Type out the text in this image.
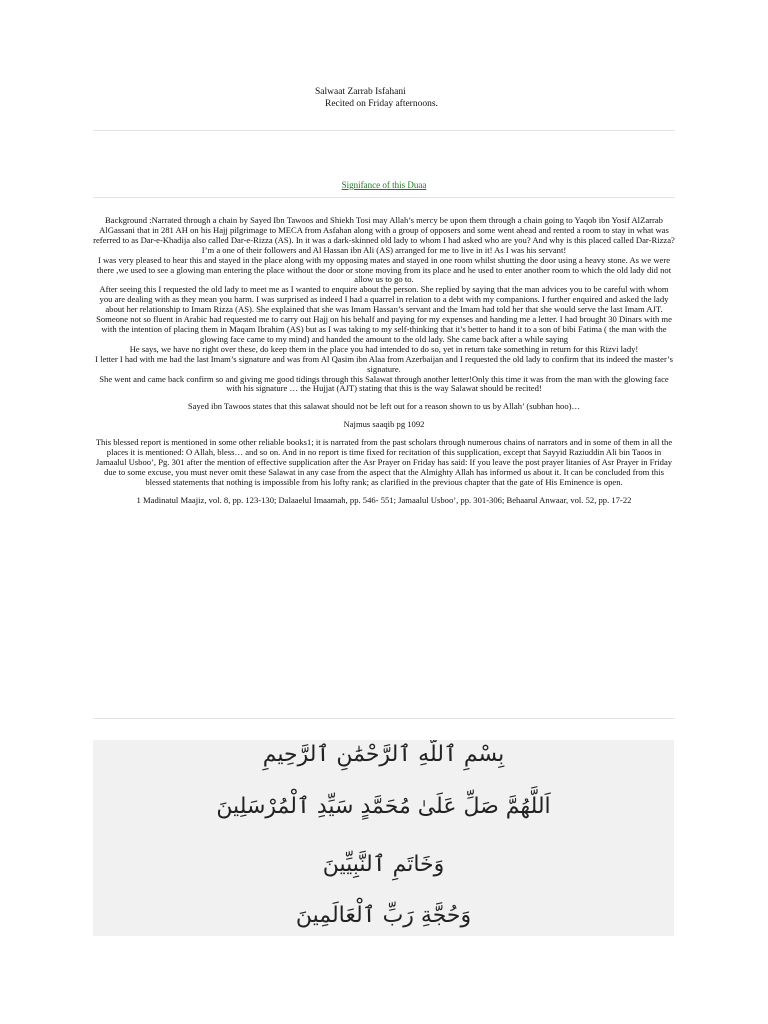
Salwaat Zarrab Isfahani
Recited on Friday afternoons.
Signifance of this Duaa

Background :Narrated through a chain by Sayed Ibn Tawoos and Shiekh Tosi may Allah’s mercy be upon them through a chain going to Yaqob ibn Yosif AlZarrab AlGassani that in 281 AH on his Hajj pilgrimage to MECA from Asfahan along with a group of opposers and some went ahead and rented a room to stay in what was referred to as Dar-e-Khadija also called Dar-e-Rizza (AS). In it was a dark-skinned old lady to whom I had asked who are you? And why is this placed called Dar-Rizza?

I’m a one of their followers and Al Hassan ibn Ali (AS) arranged for me to live in it! As I was his servant!

I was very pleased to hear this and stayed in the place along with my opposing mates and stayed in one room whilst shutting the door using a heavy stone. As we were there ,we used to see a glowing man entering the place without the door or stone moving from its place and he used to enter another room to which the old lady did not allow us to go to.

After seeing this I requested the old lady to meet me as I wanted to enquire about the person. She replied by saying that the man advices you to be careful with whom you are dealing with as they mean you harm. I was surprised as indeed I had a quarrel in relation to a debt with my companions. I further enquired and asked the lady about her relationship to Imam Rizza (AS). She explained that she was Imam Hassan’s servant and the Imam had told her that she would serve the last Imam AJT.

Someone not so fluent in Arabic had requested me to carry out Hajj on his behalf and paying for my expenses and handing me a letter. I had brought 30 Dinars with me with the intention of placing them in Maqam Ibrahim (AS) but as I was taking to my self-thinking that it’s better to hand it to a son of bibi Fatima ( the man with the glowing face came to my mind) and handed the amount to the old lady. She came back after a while saying

He says, we have no right over these, do keep them in the place you had intended to do so, yet in return take something in return for this Rizvi lady!

I letter I had with me had the last Imam’s signature and was from Al Qasim ibn Alaa from Azerbaijan and I requested the old lady to confirm that its indeed the master’s signature.

She went and came back confirm so and giving me good tidings through this Salawat through another letter!Only this time it was from the man with the glowing face with his signature … the Hujjat (AJT) stating that this is the way Salawat should be recited!

Sayed ibn Tawoos states that this salawat should not be left out for a reason shown to us by Allah’ (subhan hoo)…

Najmus saaqib pg 1092

This blessed report is mentioned in some other reliable books1; it is narrated from the past scholars through numerous chains of narrators and in some of them in all the places it is mentioned: O Allah, bless… and so on. And in no report is time fixed for recitation of this supplication, except that Sayyid Raziuddin Ali bin Taoos in Jamaalul Usboo’, Pg. 301 after the mention of effective supplication after the Asr Prayer on Friday has said: If you leave the post prayer litanies of Asr Prayer in Friday due to some excuse, you must never omit these Salawat in any case from the aspect that the Almighty Allah has informed us about it. It can be concluded from this blessed statements that nothing is impossible from his lofty rank; as clarified in the previous chapter that the gate of His Eminence is open.

1 Madinatul Maajiz, vol. 8, pp. 123-130; Dalaaelul Imaamah, pp. 546- 551; Jamaalul Usboo’, pp. 301-306; Behaarul Anwaar, vol. 52, pp. 17-22

بِسْمِ ٱللَّهِ ٱلرَّحْمَٰنِ ٱلرَّحِيمِ
اَللَّهُمَّ صَلِّ عَلَىٰ مُحَمَّدٍ سَيِّدِ ٱلْمُرْسَلِينَ
وَخَاتَمِ ٱلنَّبِيِّينَ
وَحُجَّةِ رَبِّ ٱلْعَالَمِينَ
